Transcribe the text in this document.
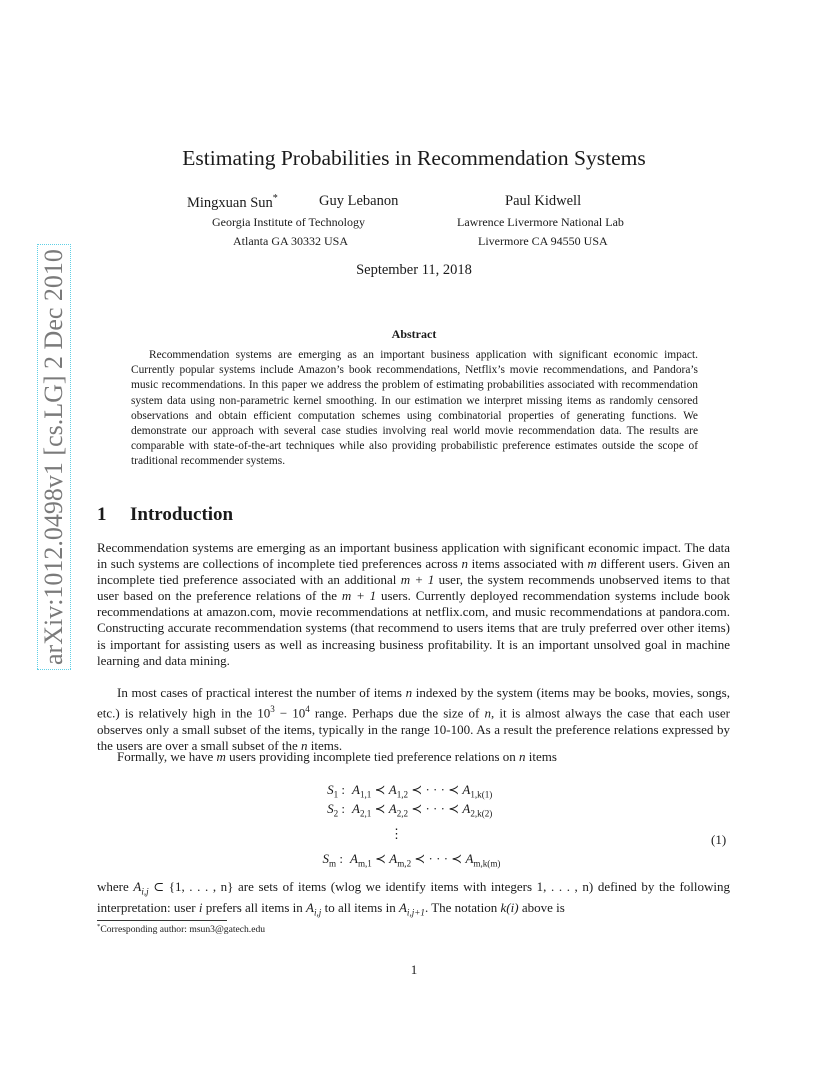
arXiv:1012.0498v1 [cs.LG] 2 Dec 2010
Estimating Probabilities in Recommendation Systems
Mingxuan Sun*	Guy Lebanon	Paul Kidwell
Georgia Institute of Technology
Atlanta GA 30332 USA
Lawrence Livermore National Lab
Livermore CA 94550 USA
September 11, 2018
Abstract

Recommendation systems are emerging as an important business application with significant economic impact. Currently popular systems include Amazon’s book recommendations, Netflix’s movie recommendations, and Pandora’s music recommendations. In this paper we address the problem of estimating probabilities associated with recommendation system data using non-parametric kernel smoothing. In our estimation we interpret missing items as randomly censored observations and obtain efficient computation schemes using combinatorial properties of generating functions. We demonstrate our approach with several case studies involving real world movie recommendation data. The results are comparable with state-of-the-art techniques while also providing probabilistic preference estimates outside the scope of traditional recommender systems.

1 Introduction

Recommendation systems are emerging as an important business application with significant economic impact. The data in such systems are collections of incomplete tied preferences across n items associated with m different users. Given an incomplete tied preference associated with an additional m + 1 user, the system recommends unobserved items to that user based on the preference relations of the m + 1 users. Currently deployed recommendation systems include book recommendations at amazon.com, movie recommendations at netflix.com, and music recommendations at pandora.com. Constructing accurate recommendation systems (that recommend to users items that are truly preferred over other items) is important for assisting users as well as increasing business profitability. It is an important unsolved goal in machine learning and data mining.

In most cases of practical interest the number of items n indexed by the system (items may be books, movies, songs, etc.) is relatively high in the $10^3 - 10^4$ range. Perhaps due the size of n, it is almost always the case that each user observes only a small subset of the items, typically in the range 10-100. As a result the preference relations expressed by the users are over a small subset of the n items.

Formally, we have m users providing incomplete tied preference relations on n items

$S_1$ : $A_{1,1}$ ≺ $A_{1,2}$ ≺ · · · ≺ $A_{1,k(1)}$
$S_2$ : $A_{2,1}$ ≺ $A_{2,2}$ ≺ · · · ≺ $A_{2,k(2)}$
⋮
$S_m$ : $A_{m,1}$ ≺ $A_{m,2}$ ≺ · · · ≺ $A_{m,k(m)}$
(1)

where $A_{i,j}$ ⊂ {1, . . . , n} are sets of items (wlog we identify items with integers 1, . . . , n) defined by the following interpretation: user i prefers all items in $A_{i,j}$ to all items in $A_{i,j+1}$. The notation k(i) above is

*Corresponding author: msun3@gatech.edu
1
